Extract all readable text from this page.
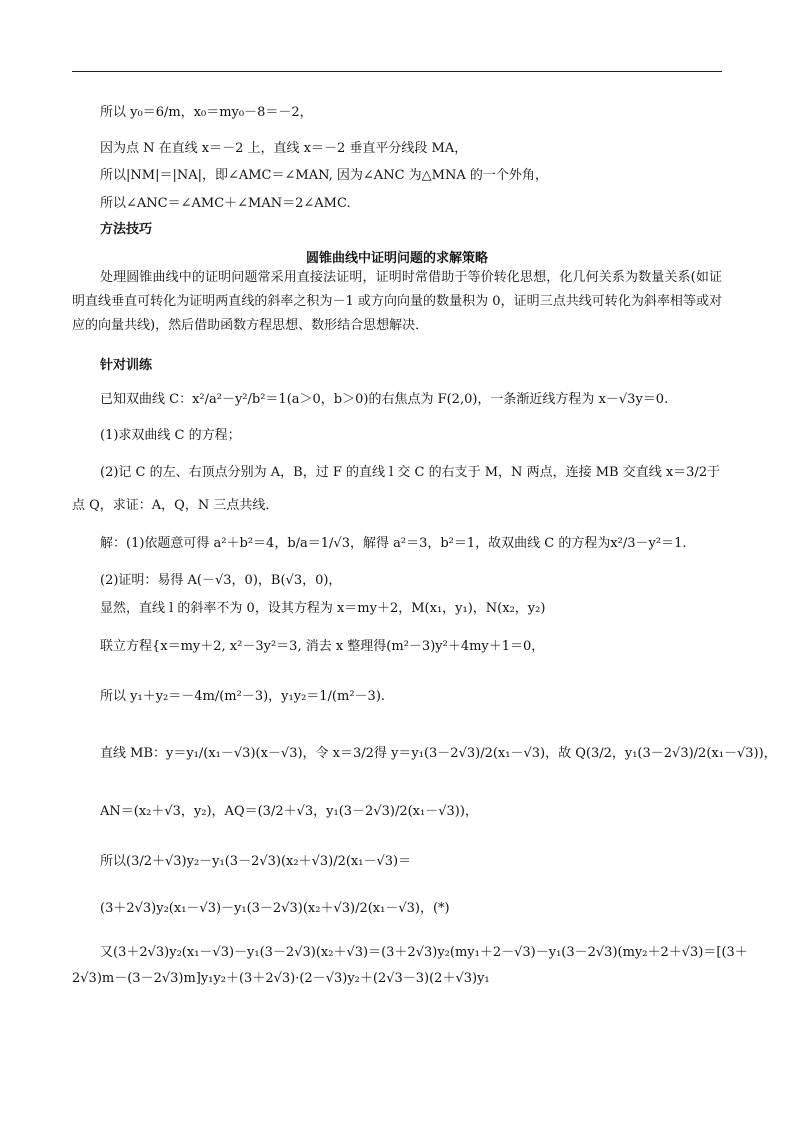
所以 y₀＝6/m，x₀＝my₀－8＝－2，
因为点 N 在直线 x＝－2 上，直线 x＝－2 垂直平分线段 MA，
所以|NM|＝|NA|，即∠AMC＝∠MAN, 因为∠ANC 为△MNA 的一个外角，
所以∠ANC＝∠AMC＋∠MAN＝2∠AMC.
方法技巧
圆锥曲线中证明问题的求解策略
处理圆锥曲线中的证明问题常采用直接法证明，证明时常借助于等价转化思想，化几何关系为数量关系(如证明直线垂直可转化为证明两直线的斜率之积为－1 或方向向量的数量积为 0，证明三点共线可转化为斜率相等或对应的向量共线)，然后借助函数方程思想、数形结合思想解决．
针对训练
已知双曲线 C：x²/a²－y²/b²＝1(a＞0，b＞0)的右焦点为 F(2,0)，一条渐近线方程为 x－√3y＝0.
(1)求双曲线 C 的方程；
(2)记 C 的左、右顶点分别为 A，B，过 F 的直线 l 交 C 的右支于 M，N 两点，连接 MB 交直线 x＝3/2于
点 Q，求证：A，Q，N 三点共线．
解：(1)依题意可得 a²＋b²＝4，b/a＝1/√3，解得 a²＝3，b²＝1，故双曲线 C 的方程为x²/3－y²＝1.
(2)证明：易得 A(－√3，0)，B(√3，0)，
显然，直线 l 的斜率不为 0，设其方程为 x＝my＋2，M(x₁，y₁)，N(x₂，y₂)
联立方程{x＝my＋2, x²－3y²＝3, 消去 x 整理得(m²－3)y²＋4my＋1＝0，
所以 y₁＋y₂＝－4m/(m²－3)，y₁y₂＝1/(m²－3).
直线 MB：y＝y₁/(x₁－√3)(x－√3)，令 x＝3/2得 y＝y₁(3－2√3)/2(x₁－√3)，故 Q(3/2，y₁(3－2√3)/2(x₁－√3))，
AN＝(x₂＋√3，y₂)，AQ＝(3/2＋√3，y₁(3－2√3)/2(x₁－√3))，
所以(3/2＋√3)y₂－y₁(3－2√3)(x₂＋√3)/2(x₁－√3)＝
(3＋2√3)y₂(x₁－√3)－y₁(3－2√3)(x₂＋√3)/2(x₁－√3)，(*)
又(3＋2√3)y₂(x₁－√3)－y₁(3－2√3)(x₂＋√3)＝(3＋2√3)y₂(my₁＋2－√3)－y₁(3－2√3)(my₂＋2＋√3)＝[(3＋
2√3)m－(3－2√3)m]y₁y₂＋(3＋2√3)·(2－√3)y₂＋(2√3－3)(2＋√3)y₁
